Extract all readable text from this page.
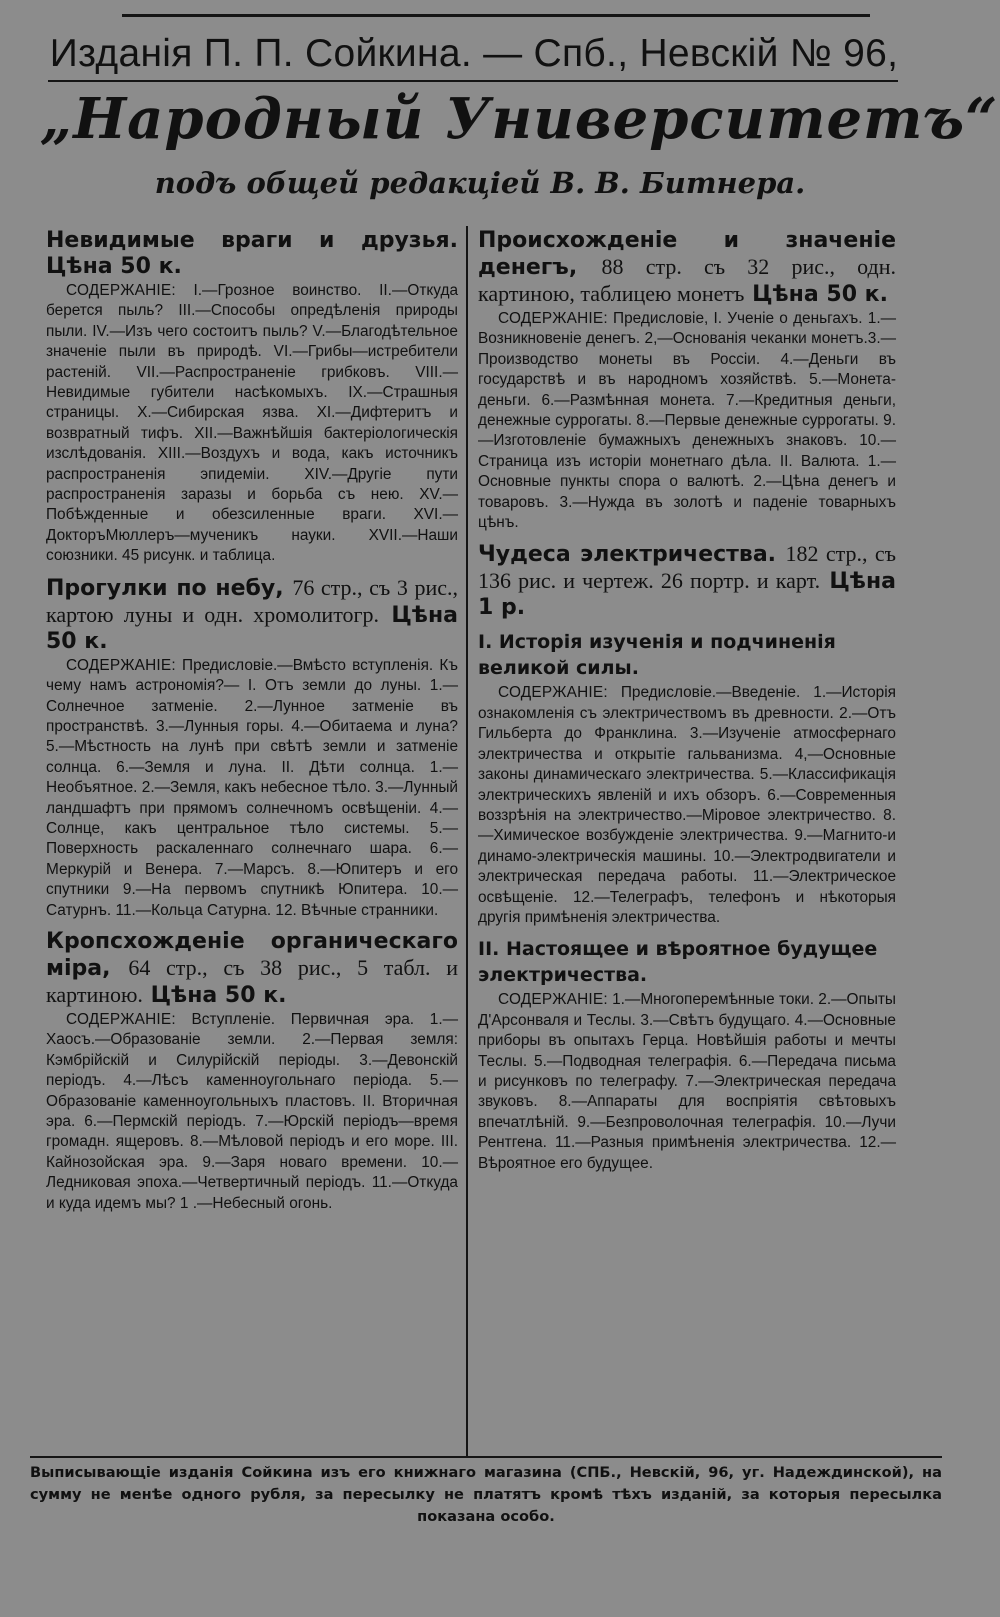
Изданія П. П. Сойкина. — Спб., Невскій № 96,
„Народный Университетъ“
подъ общей редакціей В. В. Битнера.

Невидимые враги и друзья. Цѣна 50 к.

СОДЕРЖАНІЕ: І.—Грозное воинство. ІІ.—Откуда берется пыль? ІІІ.—Способы опредѣленія природы пыли. IV.—Изъ чего состоитъ пыль? V.—Благодѣтельное значеніе пыли въ природѣ. VI.—Грибы—истребители растеній. VII.—Распространеніе грибковъ. VIII.—Невидимые губители насѣкомыхъ. IX.—Страшныя страницы. X.—Сибирская язва. XI.—Дифтеритъ и возвратный тифъ. XII.—Важнѣйшія бактеріологическія изслѣдованія. XIII.—Воздухъ и вода, какъ источникъ распространенія эпидеміи. XIV.—Другіе пути распространенія заразы и борьба съ нею. XV.—Побѣжденные и обезсиленные враги. XVI.—ДокторъМюллеръ—мученикъ науки. XVII.—Наши союзники. 45 рисунк. и таблица.

Прогулки по небу, 76 стр., съ 3 рис., картою луны и одн. хромолитогр. Цѣна 50 к.

СОДЕРЖАНІЕ: Предисловіе.—Вмѣсто вступленія. Къ чему намъ астрономія?— І. Отъ земли до луны. 1.—Солнечное затменіе. 2.—Лунное затменіе въ пространствѣ. 3.—Лунныя горы. 4.—Обитаема и луна? 5.—Мѣстность на лунѣ при свѣтѣ земли и затменіе солнца. 6.—Земля и луна. II. Дѣти солнца. 1.—Необъятное. 2.—Земля, какъ небесное тѣло. 3.—Лунный ландшафтъ при прямомъ солнечномъ освѣщеніи. 4.—Солнце, какъ центральное тѣло системы. 5.—Поверхность раскаленнаго солнечнаго шара. 6.—Меркурій и Венера. 7.—Марсъ. 8.—Юпитеръ и его спутники 9.—На первомъ спутникѣ Юпитера. 10.—Сатурнъ. 11.—Кольца Сатурна. 12. Вѣчные странники.

Кропсхожденіе органическаго міра, 64 стр., съ 38 рис., 5 табл. и картиною. Цѣна 50 к.

СОДЕРЖАНІЕ: Вступленіе. Первичная эра. 1.—Хаосъ.—Образованіе земли. 2.—Первая земля: Кэмбрійскій и Силурійскій періоды. 3.—Девонскій періодъ. 4.—Лѣсъ каменноугольнаго періода. 5.—Образованіе каменноугольныхъ пластовъ. II. Вторичная эра. 6.—Пермскій періодъ. 7.—Юрскій періодъ—время громадн. ящеровъ. 8.—Мѣловой періодъ и его море. III. Кайнозойская эра. 9.—Заря новаго времени. 10.—Ледниковая эпоха.—Четвертичный періодъ. 11.—Откуда и куда идемъ мы? 1 .—Небесный огонь.

Происхожденіе и значеніе денегъ, 88 стр. съ 32 рис., одн. картиною, таблицею монетъ Цѣна 50 к.

СОДЕРЖАНІЕ: Предисловіе, I. Ученіе о деньгахъ. 1.—Возникновеніе денегъ. 2,—Основанія чеканки монетъ.3.—Производство монеты въ Россіи. 4.—Деньги въ государствѣ и въ народномъ хозяйствѣ. 5.—Монета-деньги. 6.—Размѣнная монета. 7.—Кредитныя деньги, денежные суррогаты. 8.—Первые денежные суррогаты. 9.—Изготовленіе бумажныхъ денежныхъ знаковъ. 10.—Страница изъ исторіи монетнаго дѣла. II. Валюта. 1.—Основные пункты спора о валютѣ. 2.—Цѣна денегъ и товаровъ. 3.—Нужда въ золотѣ и паденіе товарныхъ цѣнъ.

Чудеса электричества. 182 стр., съ 136 рис. и чертеж. 26 портр. и карт. Цѣна 1 р.

I. Исторія изученія и подчиненія великой силы.

СОДЕРЖАНІЕ: Предисловіе.—Введеніе. 1.—Исторія ознакомленія съ электричествомъ въ древности. 2.—Отъ Гильберта до Франклина. 3.—Изученіе атмосфернаго электричества и открытіе гальванизма. 4,—Основные законы динамическаго электричества. 5.—Классификація электрическихъ явленій и ихъ обзоръ. 6.—Современныя воззрѣнія на электричество.—Міровое электричество. 8.—Химическое возбужденіе электричества. 9.—Магнито-и динамо-электрическія машины. 10.—Электродвигатели и электрическая передача работы. 11.—Электрическое освѣщеніе. 12.—Телеграфъ, телефонъ и нѣкоторыя другія примѣненія электричества.

II. Настоящее и вѣроятное будущее электричества.

СОДЕРЖАНІЕ: 1.—Многоперемѣнные токи. 2.—Опыты Д'Арсонваля и Теслы. 3.—Свѣтъ будущаго. 4.—Основные приборы въ опытахъ Герца. Новѣйшія работы и мечты Теслы. 5.—Подводная телеграфія. 6.—Передача письма и рисунковъ по телеграфу. 7.—Электрическая передача звуковъ. 8.—Аппараты для воспріятія свѣтовыхъ впечатлѣній. 9.—Безпроволочная телеграфія. 10.—Лучи Рентгена. 11.—Разныя примѣненія электричества. 12.—Вѣроятное его будущее.

Выписывающіе изданія Сойкина изъ его книжнаго магазина (СПБ., Невскій, 96, уг. Надеждинской), на сумму не менѣе одного рубля, за пересылку не платятъ кромѣ тѣхъ изданiй, за которыя пересылка показана особо.
